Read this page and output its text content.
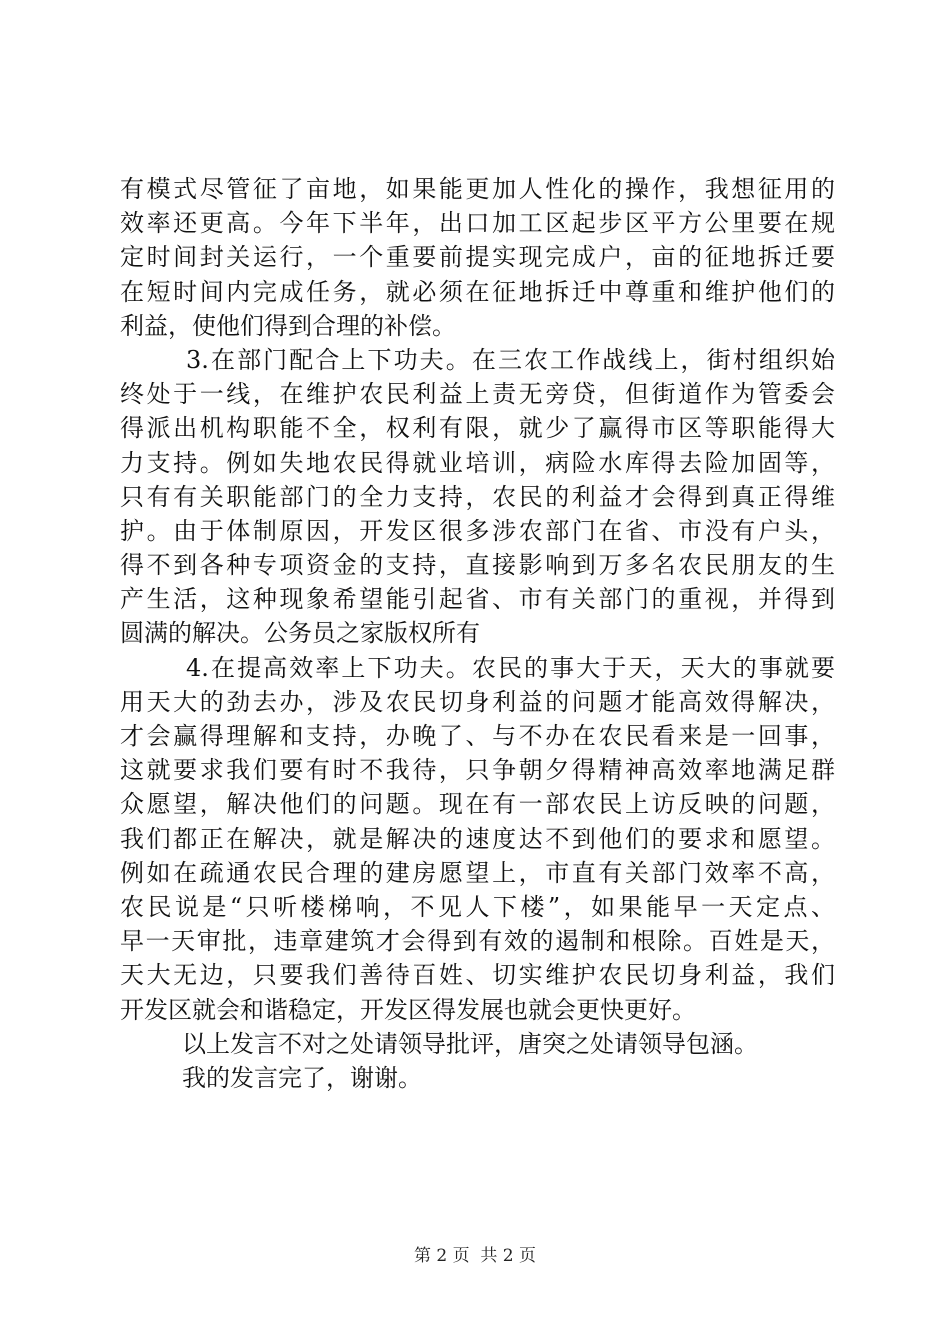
有模式尽管征了亩地，如果能更加人性化的操作，我想征用的
效率还更高。今年下半年，出口加工区起步区平方公里要在规
定时间封关运行，一个重要前提实现完成户，亩的征地拆迁要
在短时间内完成任务，就必须在征地拆迁中尊重和维护他们的
利益，使他们得到合理的补偿。
3.在部门配合上下功夫。在三农工作战线上，街村组织始
终处于一线，在维护农民利益上责无旁贷，但街道作为管委会
得派出机构职能不全，权利有限，就少了赢得市区等职能得大
力支持。例如失地农民得就业培训，病险水库得去险加固等，
只有有关职能部门的全力支持，农民的利益才会得到真正得维
护。由于体制原因，开发区很多涉农部门在省、市没有户头，
得不到各种专项资金的支持，直接影响到万多名农民朋友的生
产生活，这种现象希望能引起省、市有关部门的重视，并得到
圆满的解决。公务员之家版权所有
4.在提高效率上下功夫。农民的事大于天，天大的事就要
用天大的劲去办，涉及农民切身利益的问题才能高效得解决，
才会赢得理解和支持，办晚了、与不办在农民看来是一回事，
这就要求我们要有时不我待，只争朝夕得精神高效率地满足群
众愿望，解决他们的问题。现在有一部农民上访反映的问题，
我们都正在解决，就是解决的速度达不到他们的要求和愿望。
例如在疏通农民合理的建房愿望上，市直有关部门效率不高，
农民说是“只听楼梯响，不见人下楼”，如果能早一天定点、
早一天审批，违章建筑才会得到有效的遏制和根除。百姓是天，
天大无边，只要我们善待百姓、切实维护农民切身利益，我们
开发区就会和谐稳定，开发区得发展也就会更快更好。
以上发言不对之处请领导批评，唐突之处请领导包涵。
我的发言完了，谢谢。
第 2 页  共 2 页
